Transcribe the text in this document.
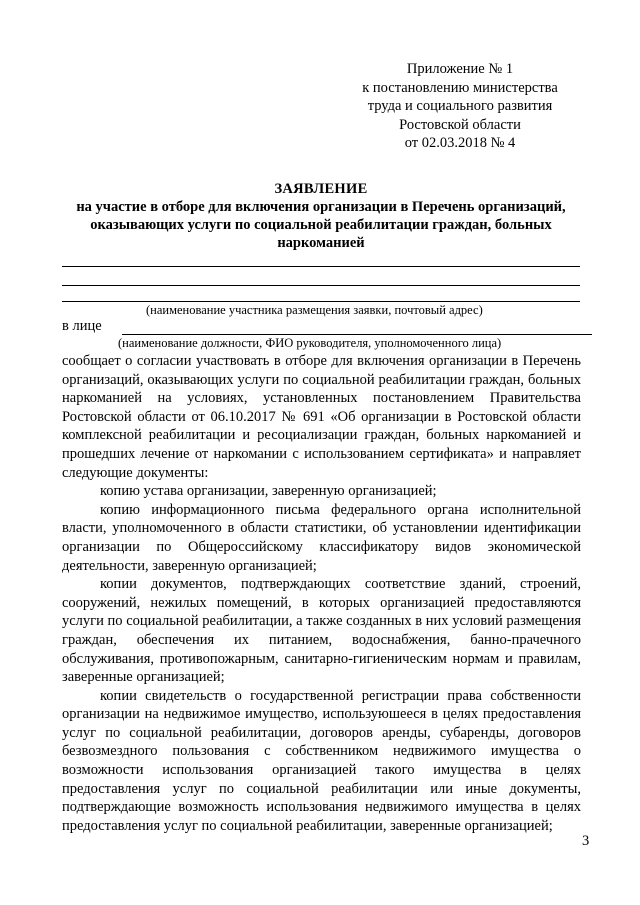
Приложение № 1
к постановлению министерства
труда и социального развития
Ростовской области
от 02.03.2018 № 4
ЗАЯВЛЕНИЕ
на участие в отборе для включения организации в Перечень организаций,
оказывающих услуги по социальной реабилитации граждан, больных
наркоманией
(наименование участника размещения заявки, почтовый адрес)
в лице
(наименование должности, ФИО руководителя, уполномоченного лица)

сообщает о согласии участвовать в отборе для включения организации в Перечень организаций, оказывающих услуги по социальной реабилитации граждан, больных наркоманией на условиях, установленных постановлением Правительства Ростовской области от 06.10.2017 № 691 «Об организации в Ростовской области комплексной реабилитации и ресоциализации граждан, больных наркоманией и прошедших лечение от наркомании с использованием сертификата» и направляет следующие документы:

копию устава организации, заверенную организацией;

копию информационного письма федерального органа исполнительной власти, уполномоченного в области статистики, об установлении идентификации организации по Общероссийскому классификатору видов экономической деятельности, заверенную организацией;

копии документов, подтверждающих соответствие зданий, строений, сооружений, нежилых помещений, в которых организацией предоставляются услуги по социальной реабилитации, а также созданных в них условий размещения граждан, обеспечения их питанием, водоснабжения, банно-прачечного обслуживания, противопожарным, санитарно-гигиеническим нормам и правилам, заверенные организацией;

копии свидетельств о государственной регистрации права собственности организации на недвижимое имущество, используюшееся в целях предоставления услуг по социальной реабилитации, договоров аренды, субаренды, договоров безвозмездного пользования с собственником недвижимого имущества о возможности использования организацией такого имущества в целях предоставления услуг по социальной реабилитации или иные документы, подтверждающие возможность использования недвижимого имущества в целях предоставления услуг по социальной реабилитации, заверенные организацией;

3
